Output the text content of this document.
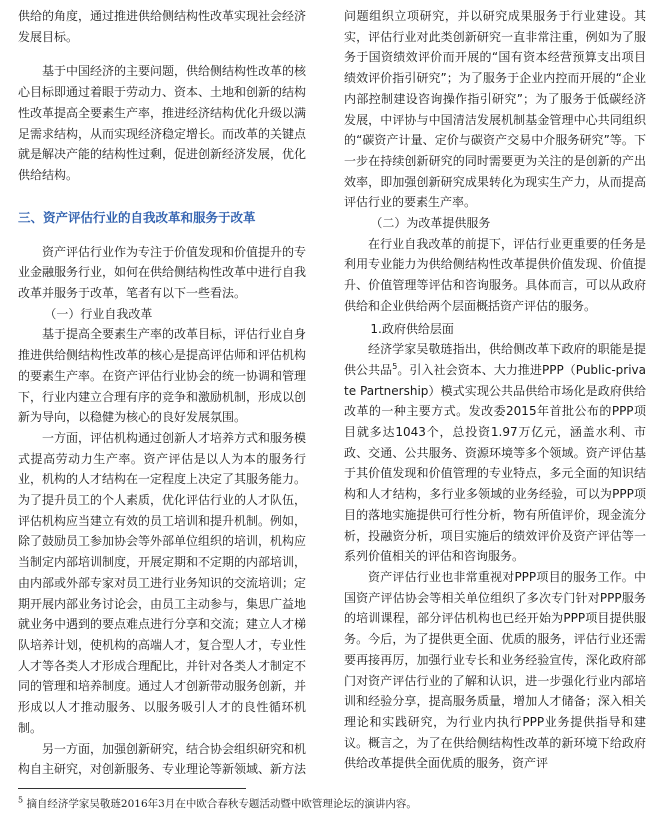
供给的角度，通过推进供给侧结构性改革实现社会经济发展目标。

基于中国经济的主要问题，供给侧结构性改革的核心目标即通过着眼于劳动力、资本、土地和创新的结构性改革提高全要素生产率，推进经济结构优化升级以满足需求结构，从而实现经济稳定增长。而改革的关键点就是解决产能的结构性过剩，促进创新经济发展，优化供给结构。

三、资产评估行业的自我改革和服务于改革

资产评估行业作为专注于价值发现和价值提升的专业金融服务行业，如何在供给侧结构性改革中进行自我改革并服务于改革，笔者有以下一些看法。

（一）行业自我改革

基于提高全要素生产率的改革目标，评估行业自身推进供给侧结构性改革的核心是提高评估师和评估机构的要素生产率。在资产评估行业协会的统一协调和管理下，行业内建立合理有序的竞争和激励机制，形成以创新为导向，以稳健为核心的良好发展氛围。

一方面，评估机构通过创新人才培养方式和服务模式提高劳动力生产率。资产评估是以人为本的服务行业，机构的人才结构在一定程度上决定了其服务能力。为了提升员工的个人素质，优化评估行业的人才队伍，评估机构应当建立有效的员工培训和提升机制。例如，除了鼓励员工参加协会等外部单位组织的培训，机构应当制定内部培训制度，开展定期和不定期的内部培训，由内部或外部专家对员工进行业务知识的交流培训；定期开展内部业务讨论会，由员工主动参与，集思广益地就业务中遇到的要点难点进行分享和交流；建立人才梯队培养计划，使机构的高端人才，复合型人才，专业性人才等各类人才形成合理配比，并针对各类人才制定不同的管理和培养制度。通过人才创新带动服务创新，并形成以人才推动服务、以服务吸引人才的良性循环机制。

另一方面，加强创新研究，结合协会组织研究和机构自主研究，对创新服务、专业理论等新领域、新方法

问题组织立项研究，并以研究成果服务于行业建设。其实，评估行业对此类创新研究一直非常注重，例如为了服务于国资绩效评价而开展的“国有资本经营预算支出项目绩效评价指引研究”；为了服务于企业内控而开展的“企业内部控制建设咨询操作指引研究”；为了服务于低碳经济发展，中评协与中国清洁发展机制基金管理中心共同组织的“碳资产计量、定价与碳资产交易中介服务研究”等。下一步在持续创新研究的同时需要更为关注的是创新的产出效率，即加强创新研究成果转化为现实生产力，从而提高评估行业的要素生产率。

（二）为改革提供服务

在行业自我改革的前提下，评估行业更重要的任务是利用专业能力为供给侧结构性改革提供价值发现、价值提升、价值管理等评估和咨询服务。具体而言，可以从政府供给和企业供给两个层面概括资产评估的服务。

1.政府供给层面

经济学家吴敬琏指出，供给侧改革下政府的职能是提供公共品$^5$。引入社会资本、大力推进PPP（Public-private Partnership）模式实现公共品供给市场化是政府供给改革的一种主要方式。发改委2015年首批公布的PPP项目就多达1043个，总投资1.97万亿元，涵盖水利、市政、交通、公共服务、资源环境等多个领域。资产评估基于其价值发现和价值管理的专业特点，多元全面的知识结构和人才结构，多行业多领域的业务经验，可以为PPP项目的落地实施提供可行性分析，物有所值评价，现金流分析，投融资分析，项目实施后的绩效评价及资产评估等一系列价值相关的评估和咨询服务。

资产评估行业也非常重视对PPP项目的服务工作。中国资产评估协会等相关单位组织了多次专门针对PPP服务的培训课程，部分评估机构也已经开始为PPP项目提供服务。今后，为了提供更全面、优质的服务，评估行业还需要再接再厉，加强行业专长和业务经验宣传，深化政府部门对资产评估行业的了解和认识，进一步强化行业内部培训和经验分享，提高服务质量，增加人才储备；深入相关理论和实践研究，为行业内执行PPP业务提供指导和建议。概言之，为了在供给侧结构性改革的新环境下给政府供给改革提供全面优质的服务，资产评

$^5$ 摘自经济学家吴敬琏2016年3月在中欧合春秋专题活动暨中欧管理论坛的演讲内容。
